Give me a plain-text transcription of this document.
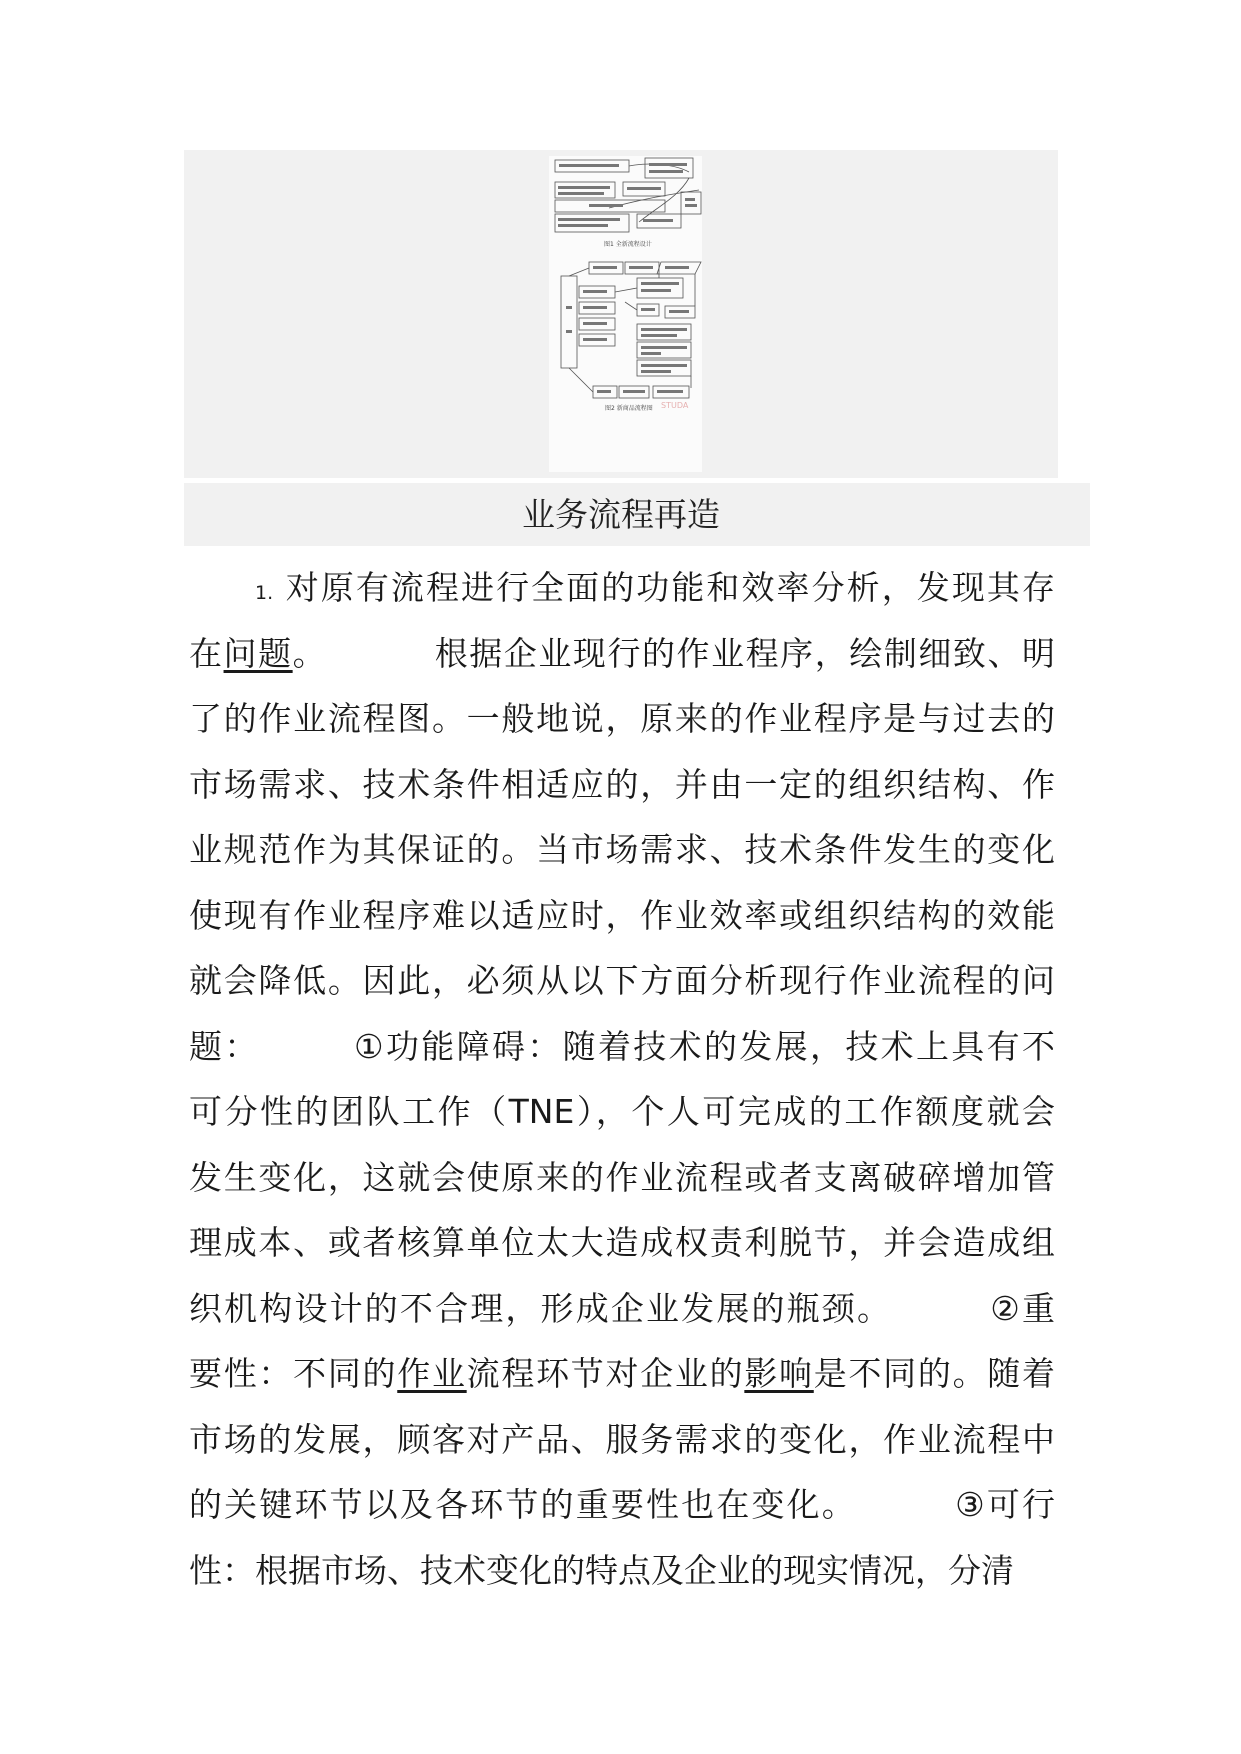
图1 全新流程设计
图2 新商品流程图 STUDA
业务流程再造
1. 对原有流程进行全面的功能和效率分析，发现其存
在问题。	根据企业现行的作业程序，绘制细致、明
了的作业流程图。一般地说，原来的作业程序是与过去的
市场需求、技术条件相适应的，并由一定的组织结构、作
业规范作为其保证的。当市场需求、技术条件发生的变化
使现有作业程序难以适应时，作业效率或组织结构的效能
就会降低。因此，必须从以下方面分析现行作业流程的问
题：	①功能障碍：随着技术的发展，技术上具有不
可分性的团队工作（TNE），个人可完成的工作额度就会
发生变化，这就会使原来的作业流程或者支离破碎增加管
理成本、或者核算单位太大造成权责利脱节，并会造成组
织机构设计的不合理，形成企业发展的瓶颈。	②重
要性：不同的作业流程环节对企业的影响是不同的。随着
市场的发展，顾客对产品、服务需求的变化，作业流程中
的关键环节以及各环节的重要性也在变化。	③可行
性：根据市场、技术变化的特点及企业的现实情况，分清
